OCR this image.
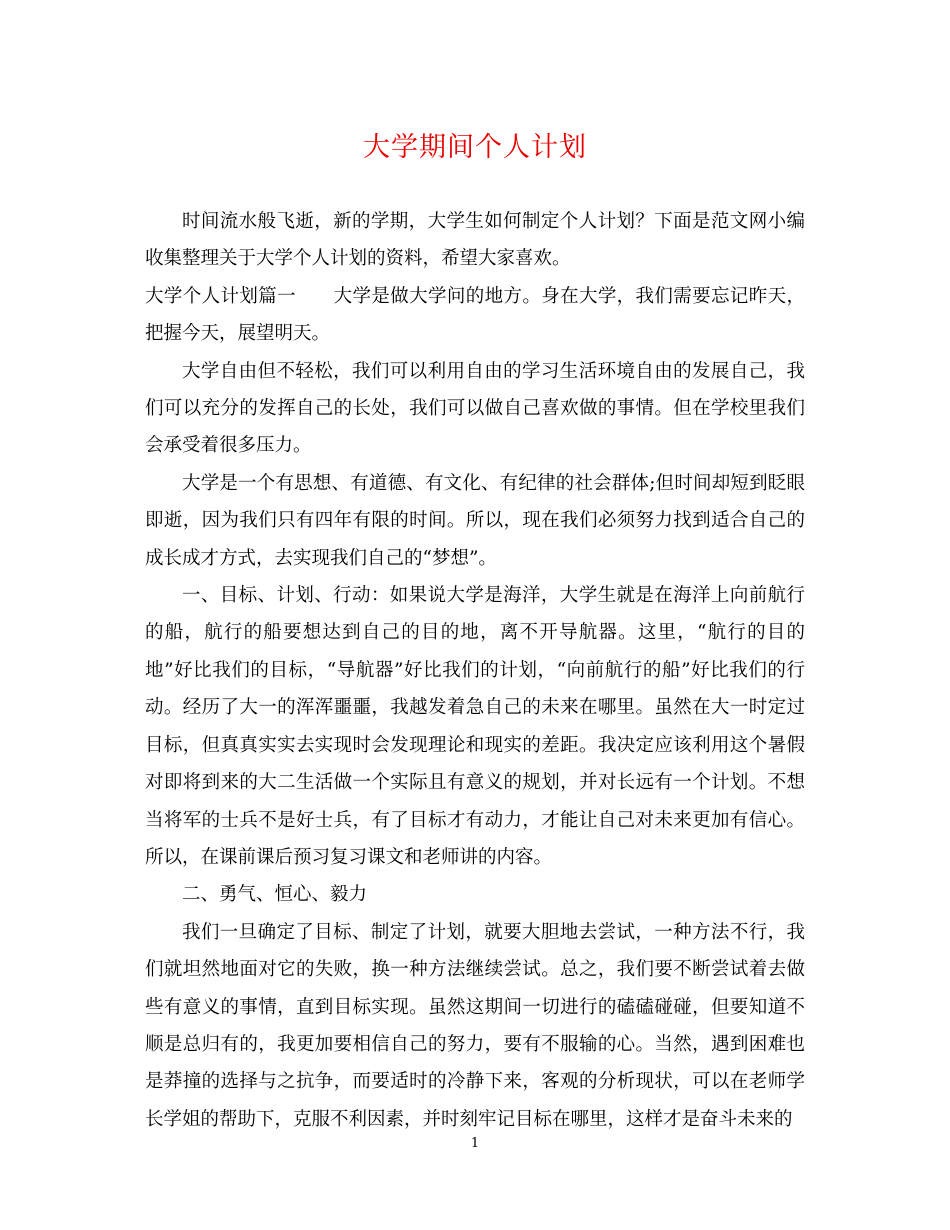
大学期间个人计划

时间流水般飞逝，新的学期，大学生如何制定个人计划？下面是范文网小编收集整理关于大学个人计划的资料，希望大家喜欢。

大学个人计划篇一　　大学是做大学问的地方。身在大学，我们需要忘记昨天，把握今天，展望明天。

大学自由但不轻松，我们可以利用自由的学习生活环境自由的发展自己，我们可以充分的发挥自己的长处，我们可以做自己喜欢做的事情。但在学校里我们会承受着很多压力。

大学是一个有思想、有道德、有文化、有纪律的社会群体;但时间却短到眨眼即逝，因为我们只有四年有限的时间。所以，现在我们必须努力找到适合自己的成长成才方式，去实现我们自己的“梦想”。

一、目标、计划、行动：如果说大学是海洋，大学生就是在海洋上向前航行的船，航行的船要想达到自己的目的地，离不开导航器。这里，“航行的目的地”好比我们的目标，“导航器”好比我们的计划，“向前航行的船”好比我们的行动。经历了大一的浑浑噩噩，我越发着急自己的未来在哪里。虽然在大一时定过目标，但真真实实去实现时会发现理论和现实的差距。我决定应该利用这个暑假对即将到来的大二生活做一个实际且有意义的规划，并对长远有一个计划。不想当将军的士兵不是好士兵，有了目标才有动力，才能让自己对未来更加有信心。所以，在课前课后预习复习课文和老师讲的内容。

二、勇气、恒心、毅力

我们一旦确定了目标、制定了计划，就要大胆地去尝试，一种方法不行，我们就坦然地面对它的失败，换一种方法继续尝试。总之，我们要不断尝试着去做些有意义的事情，直到目标实现。虽然这期间一切进行的磕磕碰碰，但要知道不顺是总归有的，我更加要相信自己的努力，要有不服输的心。当然，遇到困难也是莽撞的选择与之抗争，而要适时的冷静下来，客观的分析现状，可以在老师学长学姐的帮助下，克服不利因素，并时刻牢记目标在哪里，这样才是奋斗未来的

1
